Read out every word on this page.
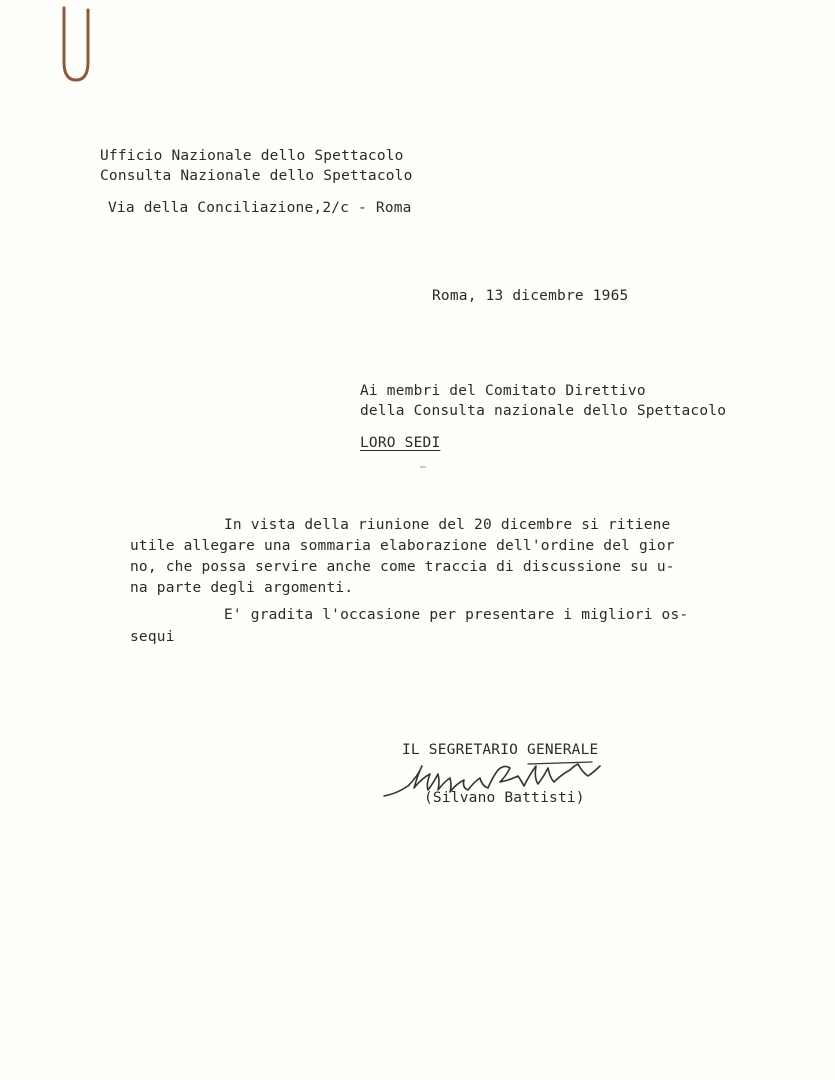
Ufficio Nazionale dello Spettacolo
Consulta Nazionale dello Spettacolo
Via della Conciliazione,2/c - Roma
Roma, 13 dicembre 1965
Ai membri del Comitato Direttivo
della Consulta nazionale dello Spettacolo
LORO SEDI
In vista della riunione del 20 dicembre si ritiene
utile allegare una sommaria elaborazione dell'ordine del gior
no, che possa servire anche come traccia di discussione su u-
na parte degli argomenti.
E' gradita l'occasione per presentare i migliori os-
sequi
IL SEGRETARIO GENERALE
(Silvano Battisti)
